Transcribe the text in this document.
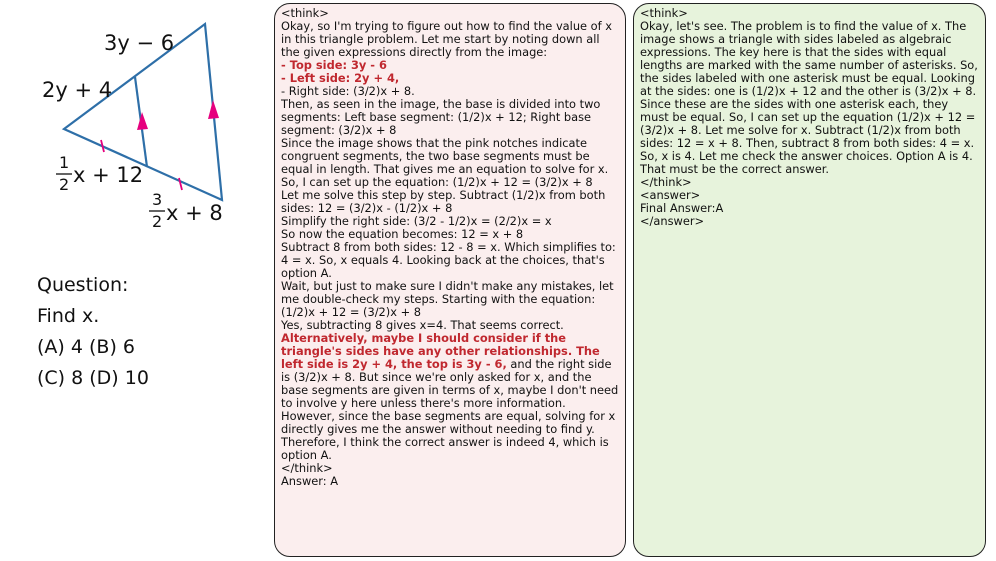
3y − 6
2y + 4
1
2 x + 12
3
2 x + 8
Question:
Find x.
(A) 4 (B) 6
(C) 8 (D) 10
<think>
Okay, so I'm trying to figure out how to find the value of x in this triangle problem. Let me start by noting down all the given expressions directly from the image:
- Top side: 3y - 6
- Left side: 2y + 4,
- Right side: (3/2)x + 8.
Then, as seen in the image, the base is divided into two segments: Left base segment: (1/2)x + 12; Right base segment: (3/2)x + 8
Since the image shows that the pink notches indicate congruent segments, the two base segments must be equal in length. That gives me an equation to solve for x.
So, I can set up the equation: (1/2)x + 12 = (3/2)x + 8
Let me solve this step by step. Subtract (1/2)x from both sides: 12 = (3/2)x - (1/2)x + 8
Simplify the right side: (3/2 - 1/2)x = (2/2)x = x
So now the equation becomes: 12 = x + 8
Subtract 8 from both sides: 12 - 8 = x. Which simplifies to: 4 = x. So, x equals 4. Looking back at the choices, that's option A.
Wait, but just to make sure I didn't make any mistakes, let me double-check my steps. Starting with the equation: (1/2)x + 12 = (3/2)x + 8
Yes, subtracting 8 gives x=4. That seems correct.
Alternatively, maybe I should consider if the triangle's sides have any other relationships. The left side is 2y + 4, the top is 3y - 6, and the right side is (3/2)x + 8. But since we're only asked for x, and the base segments are given in terms of x, maybe I don't need to involve y here unless there's more information. However, since the base segments are equal, solving for x directly gives me the answer without needing to find y.
Therefore, I think the correct answer is indeed 4, which is option A.
</think>
Answer: A
<think>
Okay, let's see. The problem is to find the value of x. The image shows a triangle with sides labeled as algebraic expressions. The key here is that the sides with equal lengths are marked with the same number of asterisks. So, the sides labeled with one asterisk must be equal. Looking at the sides: one is (1/2)x + 12 and the other is (3/2)x + 8. Since these are the sides with one asterisk each, they must be equal. So, I can set up the equation (1/2)x + 12 = (3/2)x + 8. Let me solve for x. Subtract (1/2)x from both sides: 12 = x + 8. Then, subtract 8 from both sides: 4 = x. So, x is 4. Let me check the answer choices. Option A is 4. That must be the correct answer.
</think>
<answer>
Final Answer:A
</answer>
